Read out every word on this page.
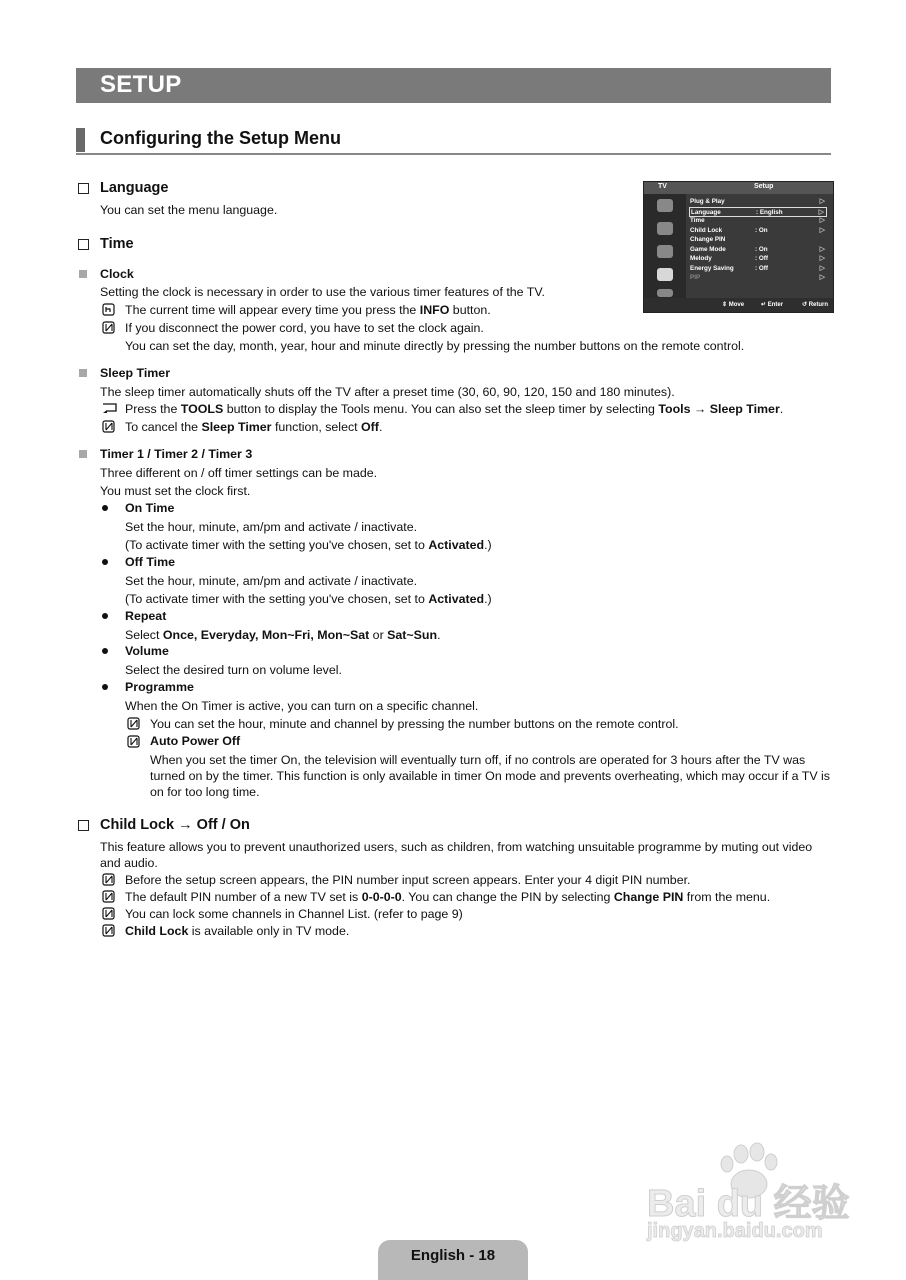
SETUP
Configuring the Setup Menu
TV	Setup
Plug & Play	▷
Language	: English	▷
Time	▷
Child Lock	: On	▷
Change PIN
Game Mode	: On	▷
Melody	: Off	▷
Energy Saving	: Off	▷
PIP	▷
⇕ Move	↵ Enter	↺ Return
Language
You can set the menu language.
Time
Clock
Setting the clock is necessary in order to use the various timer features of the TV.
The current time will appear every time you press the INFO button.
If you disconnect the power cord, you have to set the clock again.
You can set the day, month, year, hour and minute directly by pressing the number buttons on the remote control.
Sleep Timer
The sleep timer automatically shuts off the TV after a preset time (30, 60, 90, 120, 150 and 180 minutes).
Press the TOOLS button to display the Tools menu. You can also set the sleep timer by selecting Tools → Sleep Timer.
To cancel the Sleep Timer function, select Off.
Timer 1 / Timer 2 / Timer 3
Three different on / off timer settings can be made.
You must set the clock first.
On Time
Set the hour, minute, am/pm and activate / inactivate.
(To activate timer with the setting you've chosen, set to Activated.)
Off Time
Set the hour, minute, am/pm and activate / inactivate.
(To activate timer with the setting you've chosen, set to Activated.)
Repeat
Select Once, Everyday, Mon~Fri, Mon~Sat or Sat~Sun.
Volume
Select the desired turn on volume level.
Programme
When the On Timer is active, you can turn on a specific channel.
You can set the hour, minute and channel by pressing the number buttons on the remote control.
Auto Power Off
When you set the timer On, the television will eventually turn off, if no controls are operated for 3 hours after the TV was turned on by the timer. This function is only available in timer On mode and prevents overheating, which may occur if a TV is on for too long time.
Child Lock → Off / On
This feature allows you to prevent unauthorized users, such as children, from watching unsuitable programme by muting out video and audio.
Before the setup screen appears, the PIN number input screen appears. Enter your 4 digit PIN number.
The default PIN number of a new TV set is 0-0-0-0. You can change the PIN by selecting Change PIN from the menu.
You can lock some channels in Channel List. (refer to page 9)
Child Lock is available only in TV mode.
Bai du 经验
jingyan.baidu.com
English - 18
